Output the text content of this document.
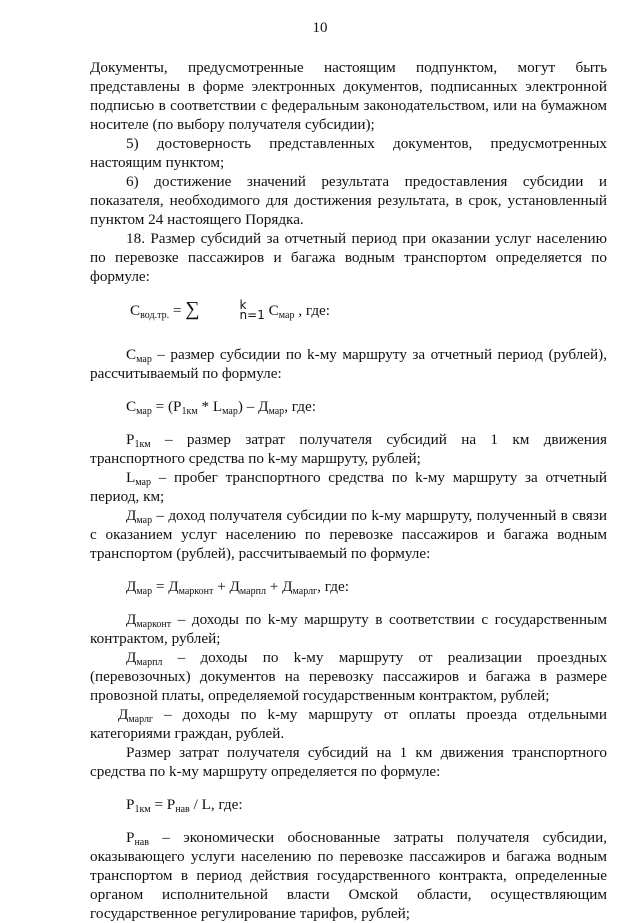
10

Документы, предусмотренные настоящим подпунктом, могут быть представлены в форме электронных документов, подписанных электронной подписью в соответствии с федеральным законодательством, или на бумажном носителе (по выбору получателя субсидии);

5) достоверность представленных документов, предусмотренных настоящим пунктом;

6) достижение значений результата предоставления субсидии и показателя, необходимого для достижения результата, в срок, установленный пунктом 24 настоящего Порядка.

18. Размер субсидий за отчетный период при оказании услуг населению по перевозке пассажиров и багажа водным транспортом определяется по формуле:

$С_{вод.тр.}$ = ∑	k
n=1 $С_{мар}$ , где:

$С_{мар}$ – размер субсидии по k-му маршруту за отчетный период (рублей), рассчитываемый по формуле:

$С_{мар} = (Р_{1км} * L_{мар}) - Д_{мар}$, где:

$Р_{1км}$ – размер затрат получателя субсидий на 1 км движения транспортного средства по k-му маршруту, рублей;

$L_{мар}$ – пробег транспортного средства по k-му маршруту за отчетный период, км;

$Д_{мар}$ – доход получателя субсидии по k-му маршруту, полученный в связи с оказанием услуг населению по перевозке пассажиров и багажа водным транспортом (рублей), рассчитываемый по формуле:

$Д_{мар} = Д_{марконт} + Д_{марпл} + Д_{марлг}$, где:

$Д_{марконт}$ – доходы по k-му маршруту в соответствии с государственным контрактом, рублей;

$Д_{марпл}$ – доходы по k-му маршруту от реализации проездных (перевозочных) документов на перевозку пассажиров и багажа в размере провозной платы, определяемой государственным контрактом, рублей;

$Д_{марлг}$ – доходы по k-му маршруту от оплаты проезда отдельными категориями граждан, рублей.

Размер затрат получателя субсидий на 1 км движения транспортного средства по k-му маршруту определяется по формуле:

$Р_{1км} = Р_{нав} / L$, где:

$Р_{нав}$ – экономически обоснованные затраты получателя субсидии, оказывающего услуги населению по перевозке пассажиров и багажа водным транспортом в период действия государственного контракта, определенные органом исполнительной власти Омской области, осуществляющим государственное регулирование тарифов, рублей;
